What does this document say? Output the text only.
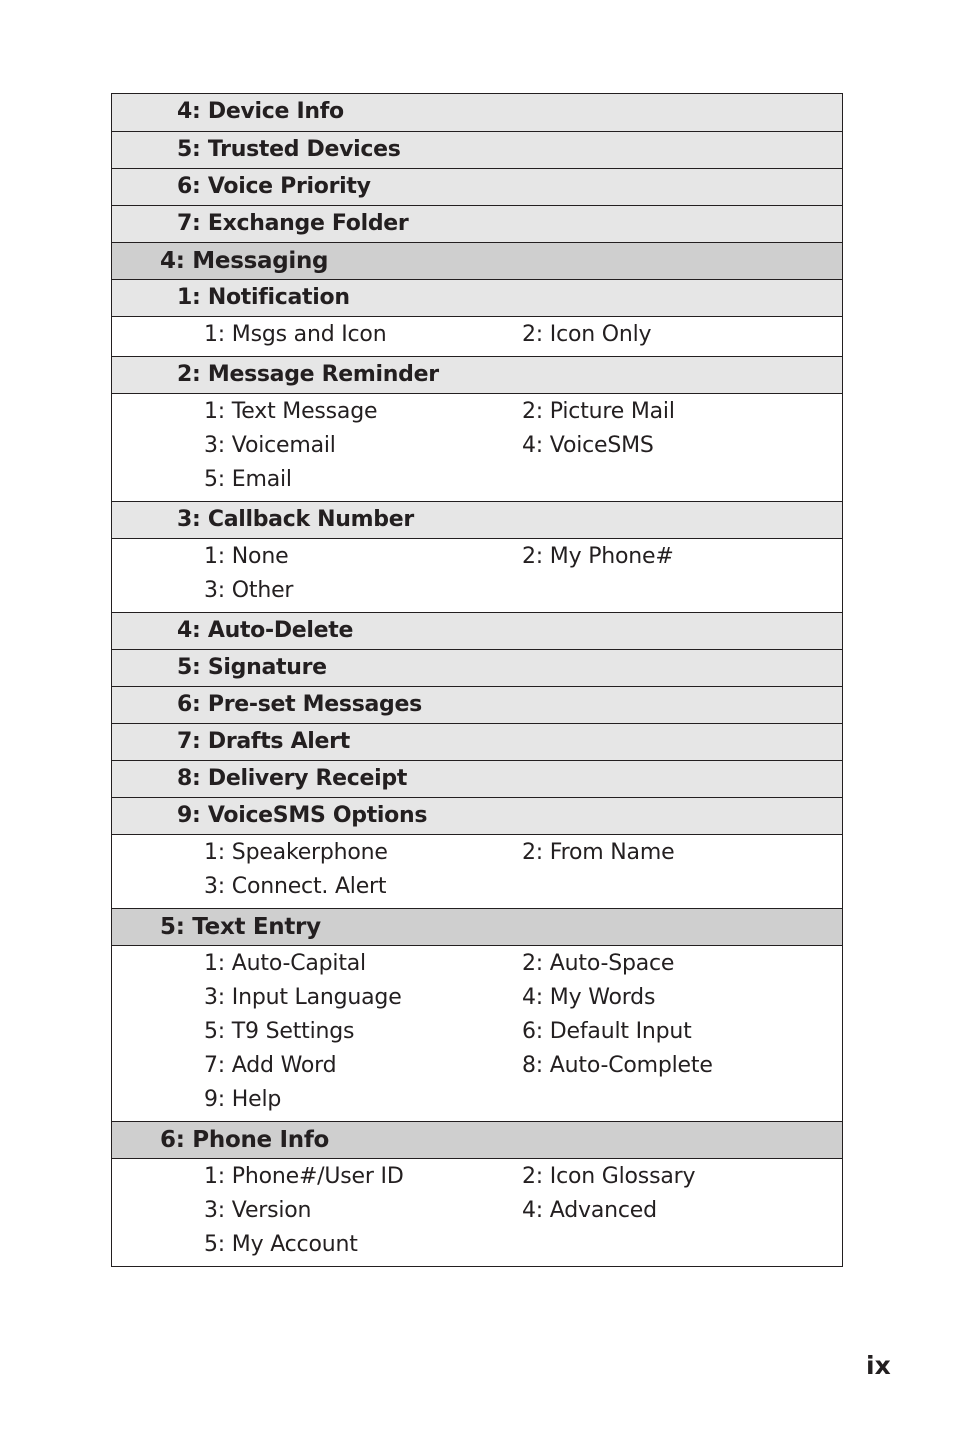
4: Device Info
5: Trusted Devices
6: Voice Priority
7: Exchange Folder
4: Messaging
1: Notification
1: Msgs and Icon	2: Icon Only
2: Message Reminder
1: Text Message	2: Picture Mail
3: Voicemail	4: VoiceSMS
5: Email
3: Callback Number
1: None	2: My Phone#
3: Other
4: Auto-Delete
5: Signature
6: Pre-set Messages
7: Drafts Alert
8: Delivery Receipt
9: VoiceSMS Options
1: Speakerphone	2: From Name
3: Connect. Alert
5: Text Entry
1: Auto-Capital	2: Auto-Space
3: Input Language	4: My Words
5: T9 Settings	6: Default Input
7: Add Word	8: Auto-Complete
9: Help
6: Phone Info
1: Phone#/User ID	2: Icon Glossary
3: Version	4: Advanced
5: My Account
ix
